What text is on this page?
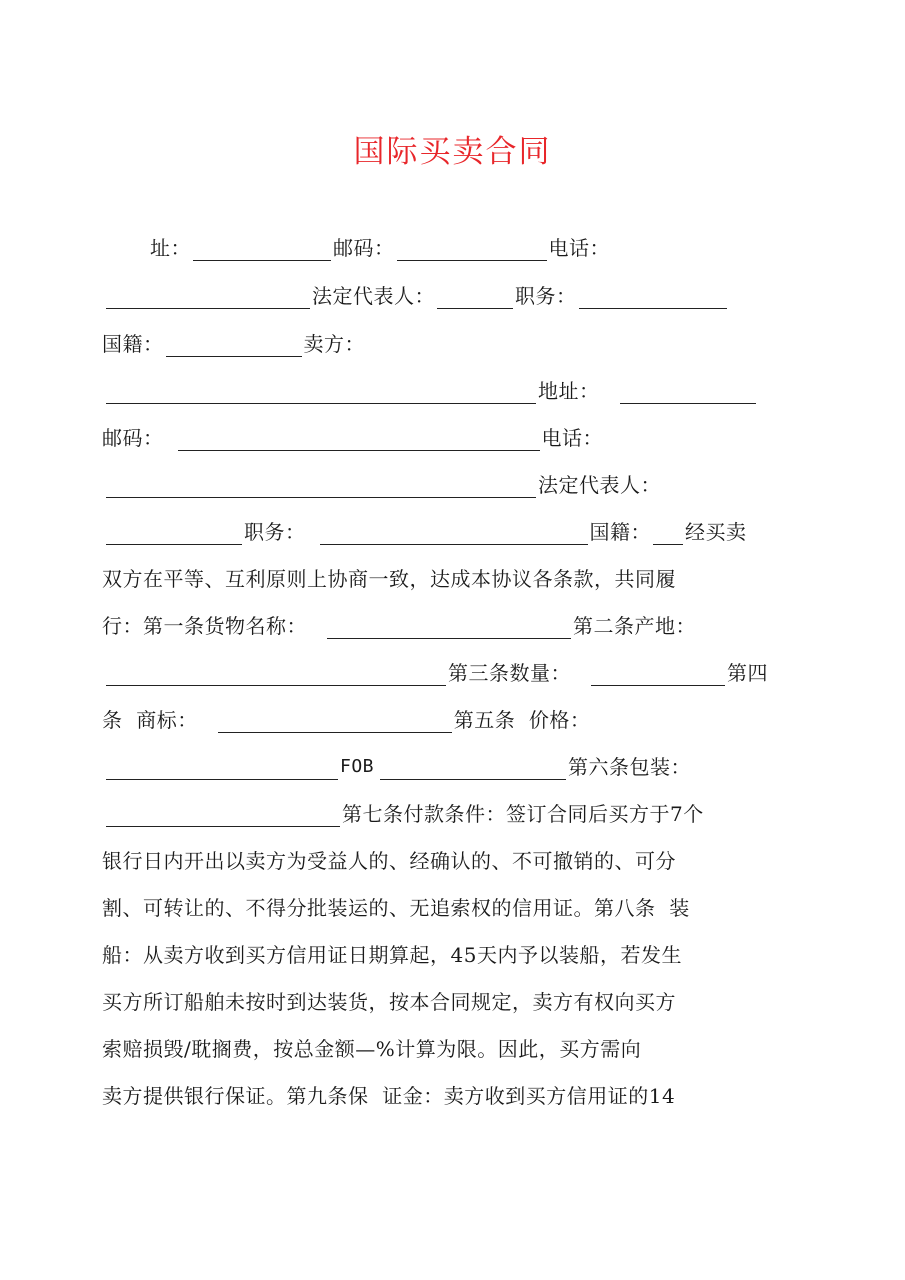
国际买卖合同
址：	邮码：	电话：
法定代表人：	职务：
国籍：	卖方：
地址：
邮码：	电话：
法定代表人：
职务：	国籍： 经买卖
双方在平等、互利原则上协商一致，达成本协议各条款，共同履
行：第一条货物名称：	第二条产地：
第三条数量：	第四
条  商标：	第五条  价格：
FOB	第六条包装：
第七条付款条件：签订合同后买方于7个
银行日内开出以卖方为受益人的、经确认的、不可撤销的、可分
割、可转让的、不得分批装运的、无追索权的信用证。第八条  装
船：从卖方收到买方信用证日期算起，45天内予以装船，若发生
买方所订船舶未按时到达装货，按本合同规定，卖方有权向买方
索赔损毁/耽搁费，按总金额—%计算为限。因此，买方需向
卖方提供银行保证。第九条保  证金：卖方收到买方信用证的14
